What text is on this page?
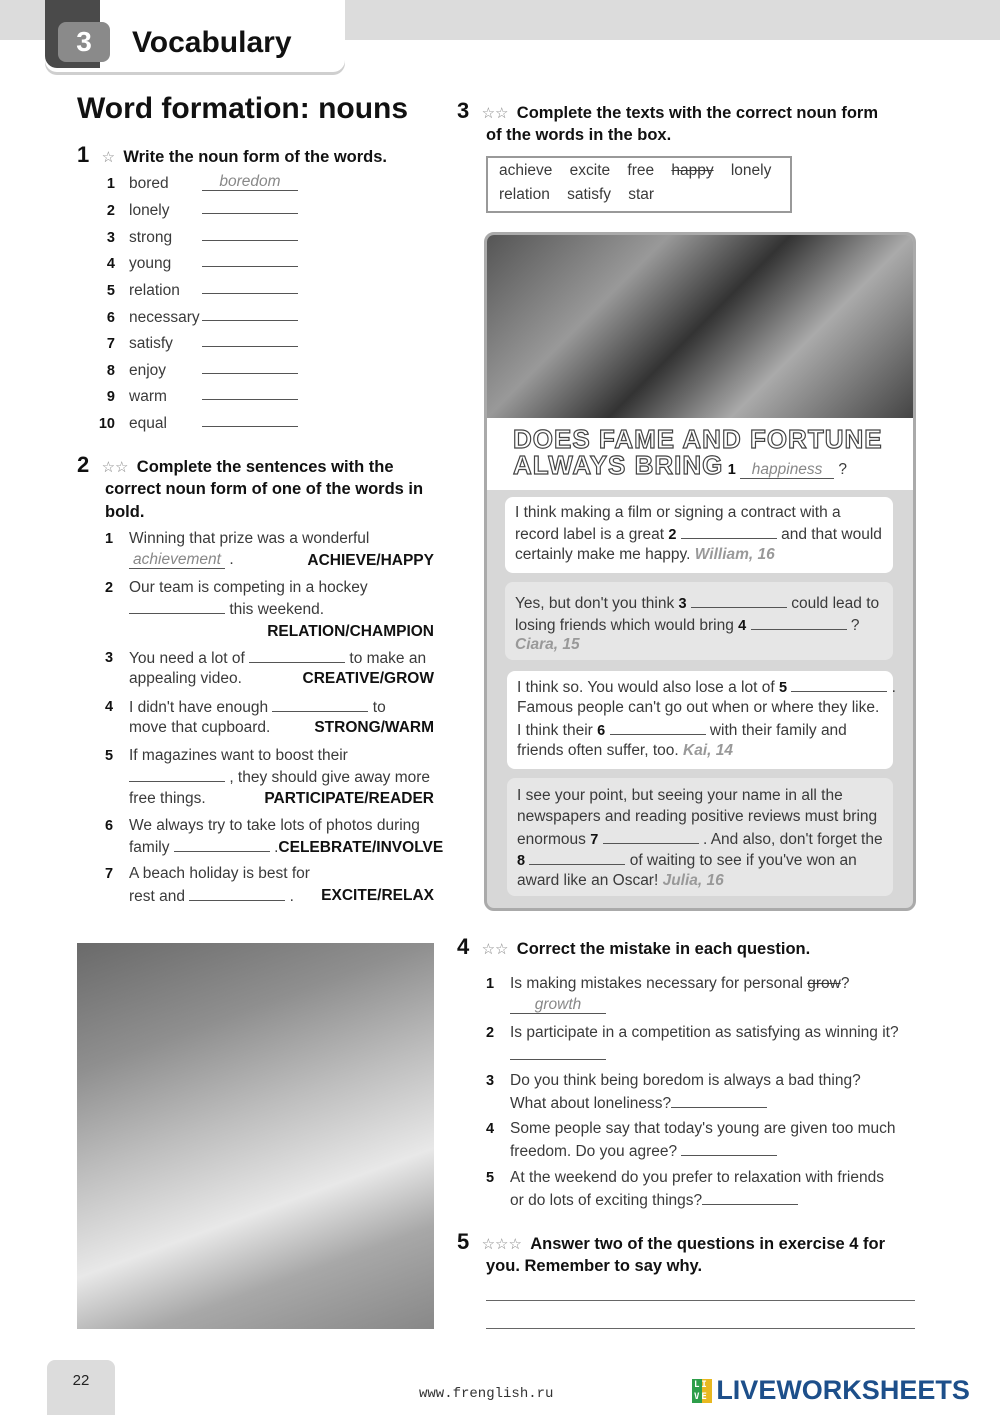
3	Vocabulary
Word formation: nouns
1 ☆ Write the noun form of the words.
1 bored	boredom
2 lonely
3 strong
4 young
5 relation
6 necessary
7 satisfy
8 enjoy
9 warm
10 equal
2 ☆☆ Complete the sentences with the
correct noun form of one of the words in
bold.
1 Winning that prize was a wonderful
achievement .	ACHIEVE/HAPPY
2 Our team is competing in a hockey
this weekend.
RELATION/CHAMPION
3 You need a lot of	to make an
appealing video.	CREATIVE/GROW
4 I didn't have enough	to
move that cupboard.	STRONG/WARM
5 If magazines want to boost their
, they should give away more
free things.	PARTICIPATE/READER
6 We always try to take lots of photos during
family	.CELEBRATE/INVOLVE
7 A beach holiday is best for
rest and	. EXCITE/RELAX
3 ☆☆ Complete the texts with the correct noun form
of the words in the box.
achieve excite free happy lonely
relation satisfy star
DOES FAME AND FORTUNE
ALWAYS BRING 1 happiness ?
I think making a film or signing a contract with a
record label is a great 2	and that would
certainly make me happy. William, 16
Yes, but don't you think 3	could lead to
losing friends which would bring 4	?
Ciara, 15
I think so. You would also lose a lot of 5	.
Famous people can't go out when or where they like.
I think their 6	with their family and
friends often suffer, too. Kai, 14
I see your point, but seeing your name in all the
newspapers and reading positive reviews must bring
enormous 7	. And also, don't forget the
8	of waiting to see if you've won an
award like an Oscar! Julia, 16
4 ☆☆ Correct the mistake in each question.
1 Is making mistakes necessary for personal grow?
growth
2 Is participate in a competition as satisfying as winning it?
3 Do you think being boredom is always a bad thing?
What about loneliness?
4 Some people say that today's young are given too much
freedom. Do you agree?
5 At the weekend do you prefer to relaxation with friends
or do lots of exciting things?
5 ☆☆☆ Answer two of the questions in exercise 4 for
you. Remember to say why.
22
www.frenglish.ru
LIVE LIVEWORKSHEETS
